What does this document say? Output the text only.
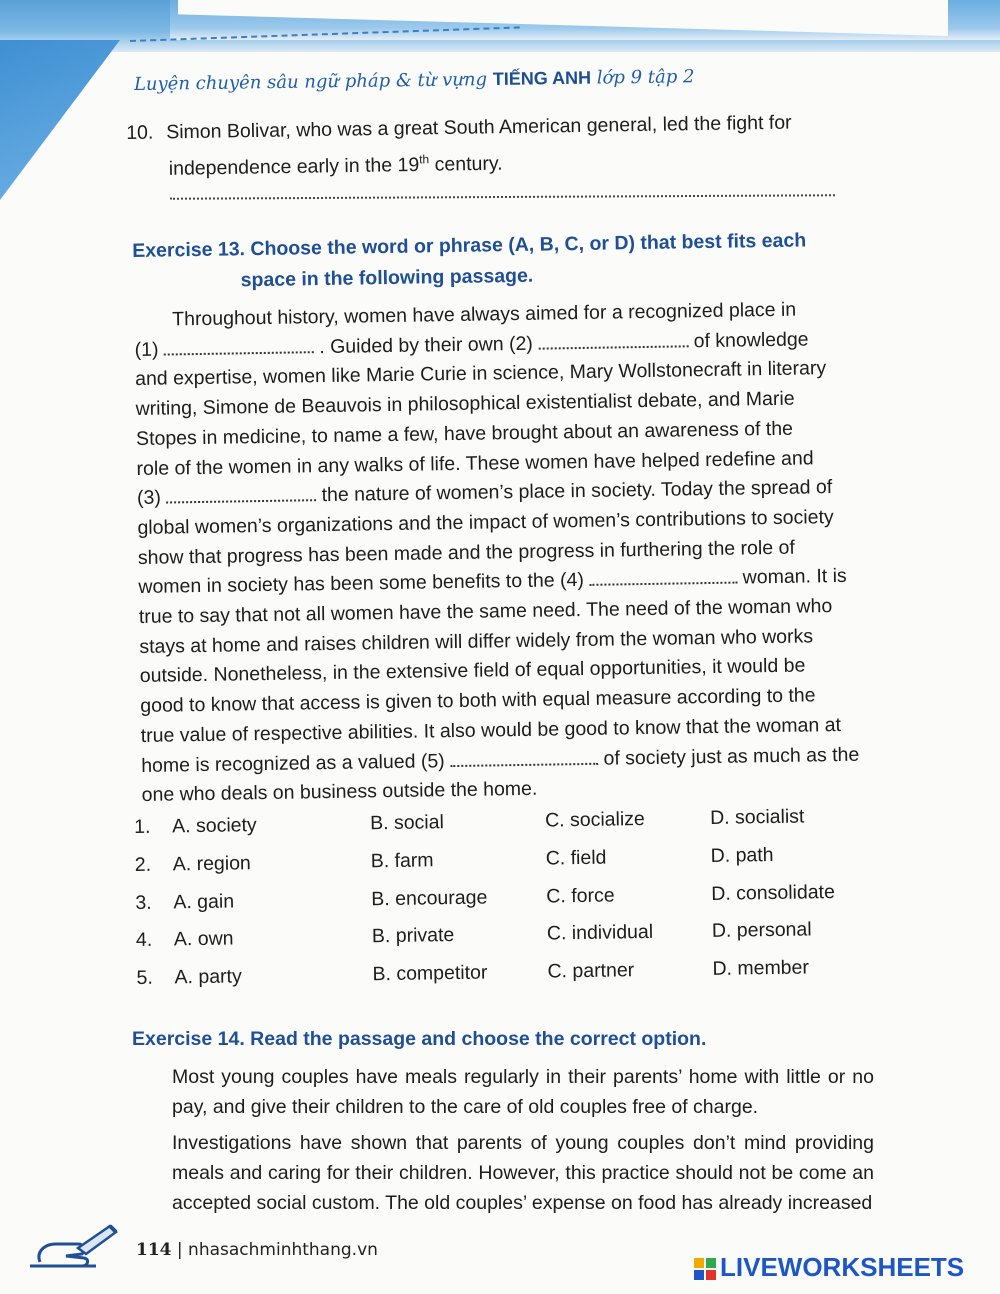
Luyện chuyên sâu ngữ pháp & từ vựng TIẾNG ANH lớp 9 tập 2
10. Simon Bolivar, who was a great South American general, led the fight for
independence early in the 19th century.
Exercise 13. Choose the word or phrase (A, B, C, or D) that best fits each
space in the following passage.
Throughout history, women have always aimed for a recognized place in
(1)	. Guided by their own (2)	of knowledge
and expertise, women like Marie Curie in science, Mary Wollstonecraft in literary
writing, Simone de Beauvois in philosophical existentialist debate, and Marie
Stopes in medicine, to name a few, have brought about an awareness of the
role of the women in any walks of life. These women have helped redefine and
(3)	the nature of women’s place in society. Today the spread of
global women’s organizations and the impact of women’s contributions to society
show that progress has been made and the progress in furthering the role of
women in society has been some benefits to the (4)	woman. It is
true to say that not all women have the same need. The need of the woman who
stays at home and raises children will differ widely from the woman who works
outside. Nonetheless, in the extensive field of equal opportunities, it would be
good to know that access is given to both with equal measure according to the
true value of respective abilities. It also would be good to know that the woman at
home is recognized as a valued (5)	of society just as much as the
one who deals on business outside the home.
1. A. society	B. social	C. socialize	D. socialist
2. A. region	B. farm	C. field	D. path
3. A. gain	B. encourage	C. force	D. consolidate
4. A. own	B. private	C. individual	D. personal
5. A. party	B. competitor	C. partner	D. member
Exercise 14. Read the passage and choose the correct option.
Most young couples have meals regularly in their parents’ home with little or no pay, and give their children to the care of old couples free of charge.
Investigations have shown that parents of young couples don’t mind providing meals and caring for their children. However, this practice should not be come an accepted social custom. The old couples’ expense on food has already increased
114 | nhasachminhthang.vn
LIVEWORKSHEETS
